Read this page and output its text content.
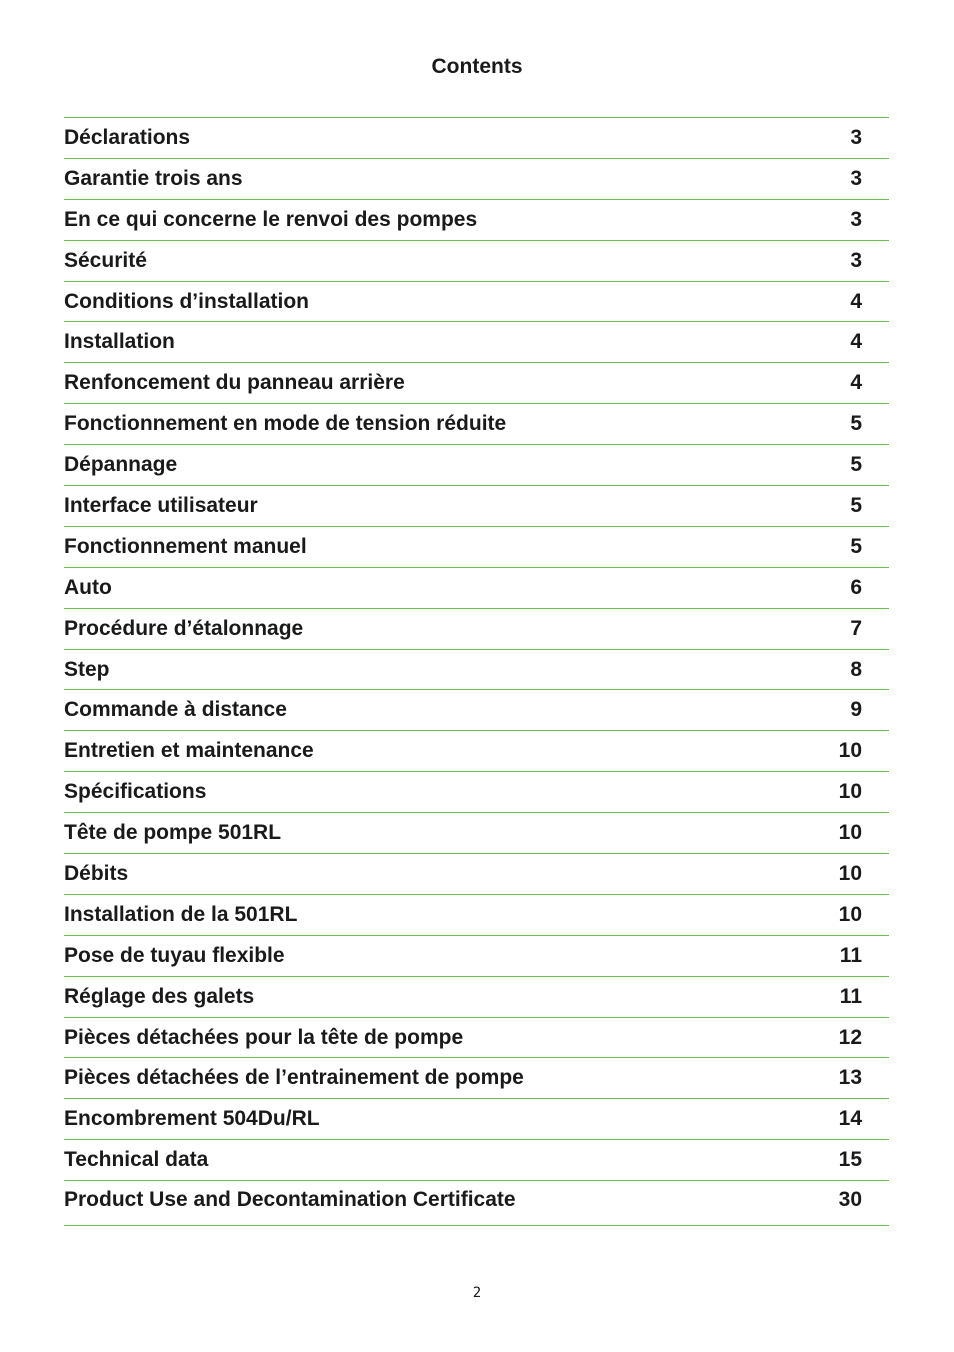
Contents
Déclarations	3
Garantie trois ans	3
En ce qui concerne le renvoi des pompes	3
Sécurité	3
Conditions d’installation	4
Installation	4
Renfoncement du panneau arrière	4
Fonctionnement en mode de tension réduite	5
Dépannage	5
Interface utilisateur	5
Fonctionnement manuel	5
Auto	6
Procédure d’étalonnage	7
Step	8
Commande à distance	9
Entretien et maintenance	10
Spécifications	10
Tête de pompe 501RL	10
Débits	10
Installation de la 501RL	10
Pose de tuyau flexible	11
Réglage des galets	11
Pièces détachées pour la tête de pompe	12
Pièces détachées de l’entrainement de pompe	13
Encombrement 504Du/RL	14
Technical data	15
Product Use and Decontamination Certificate	30
2
